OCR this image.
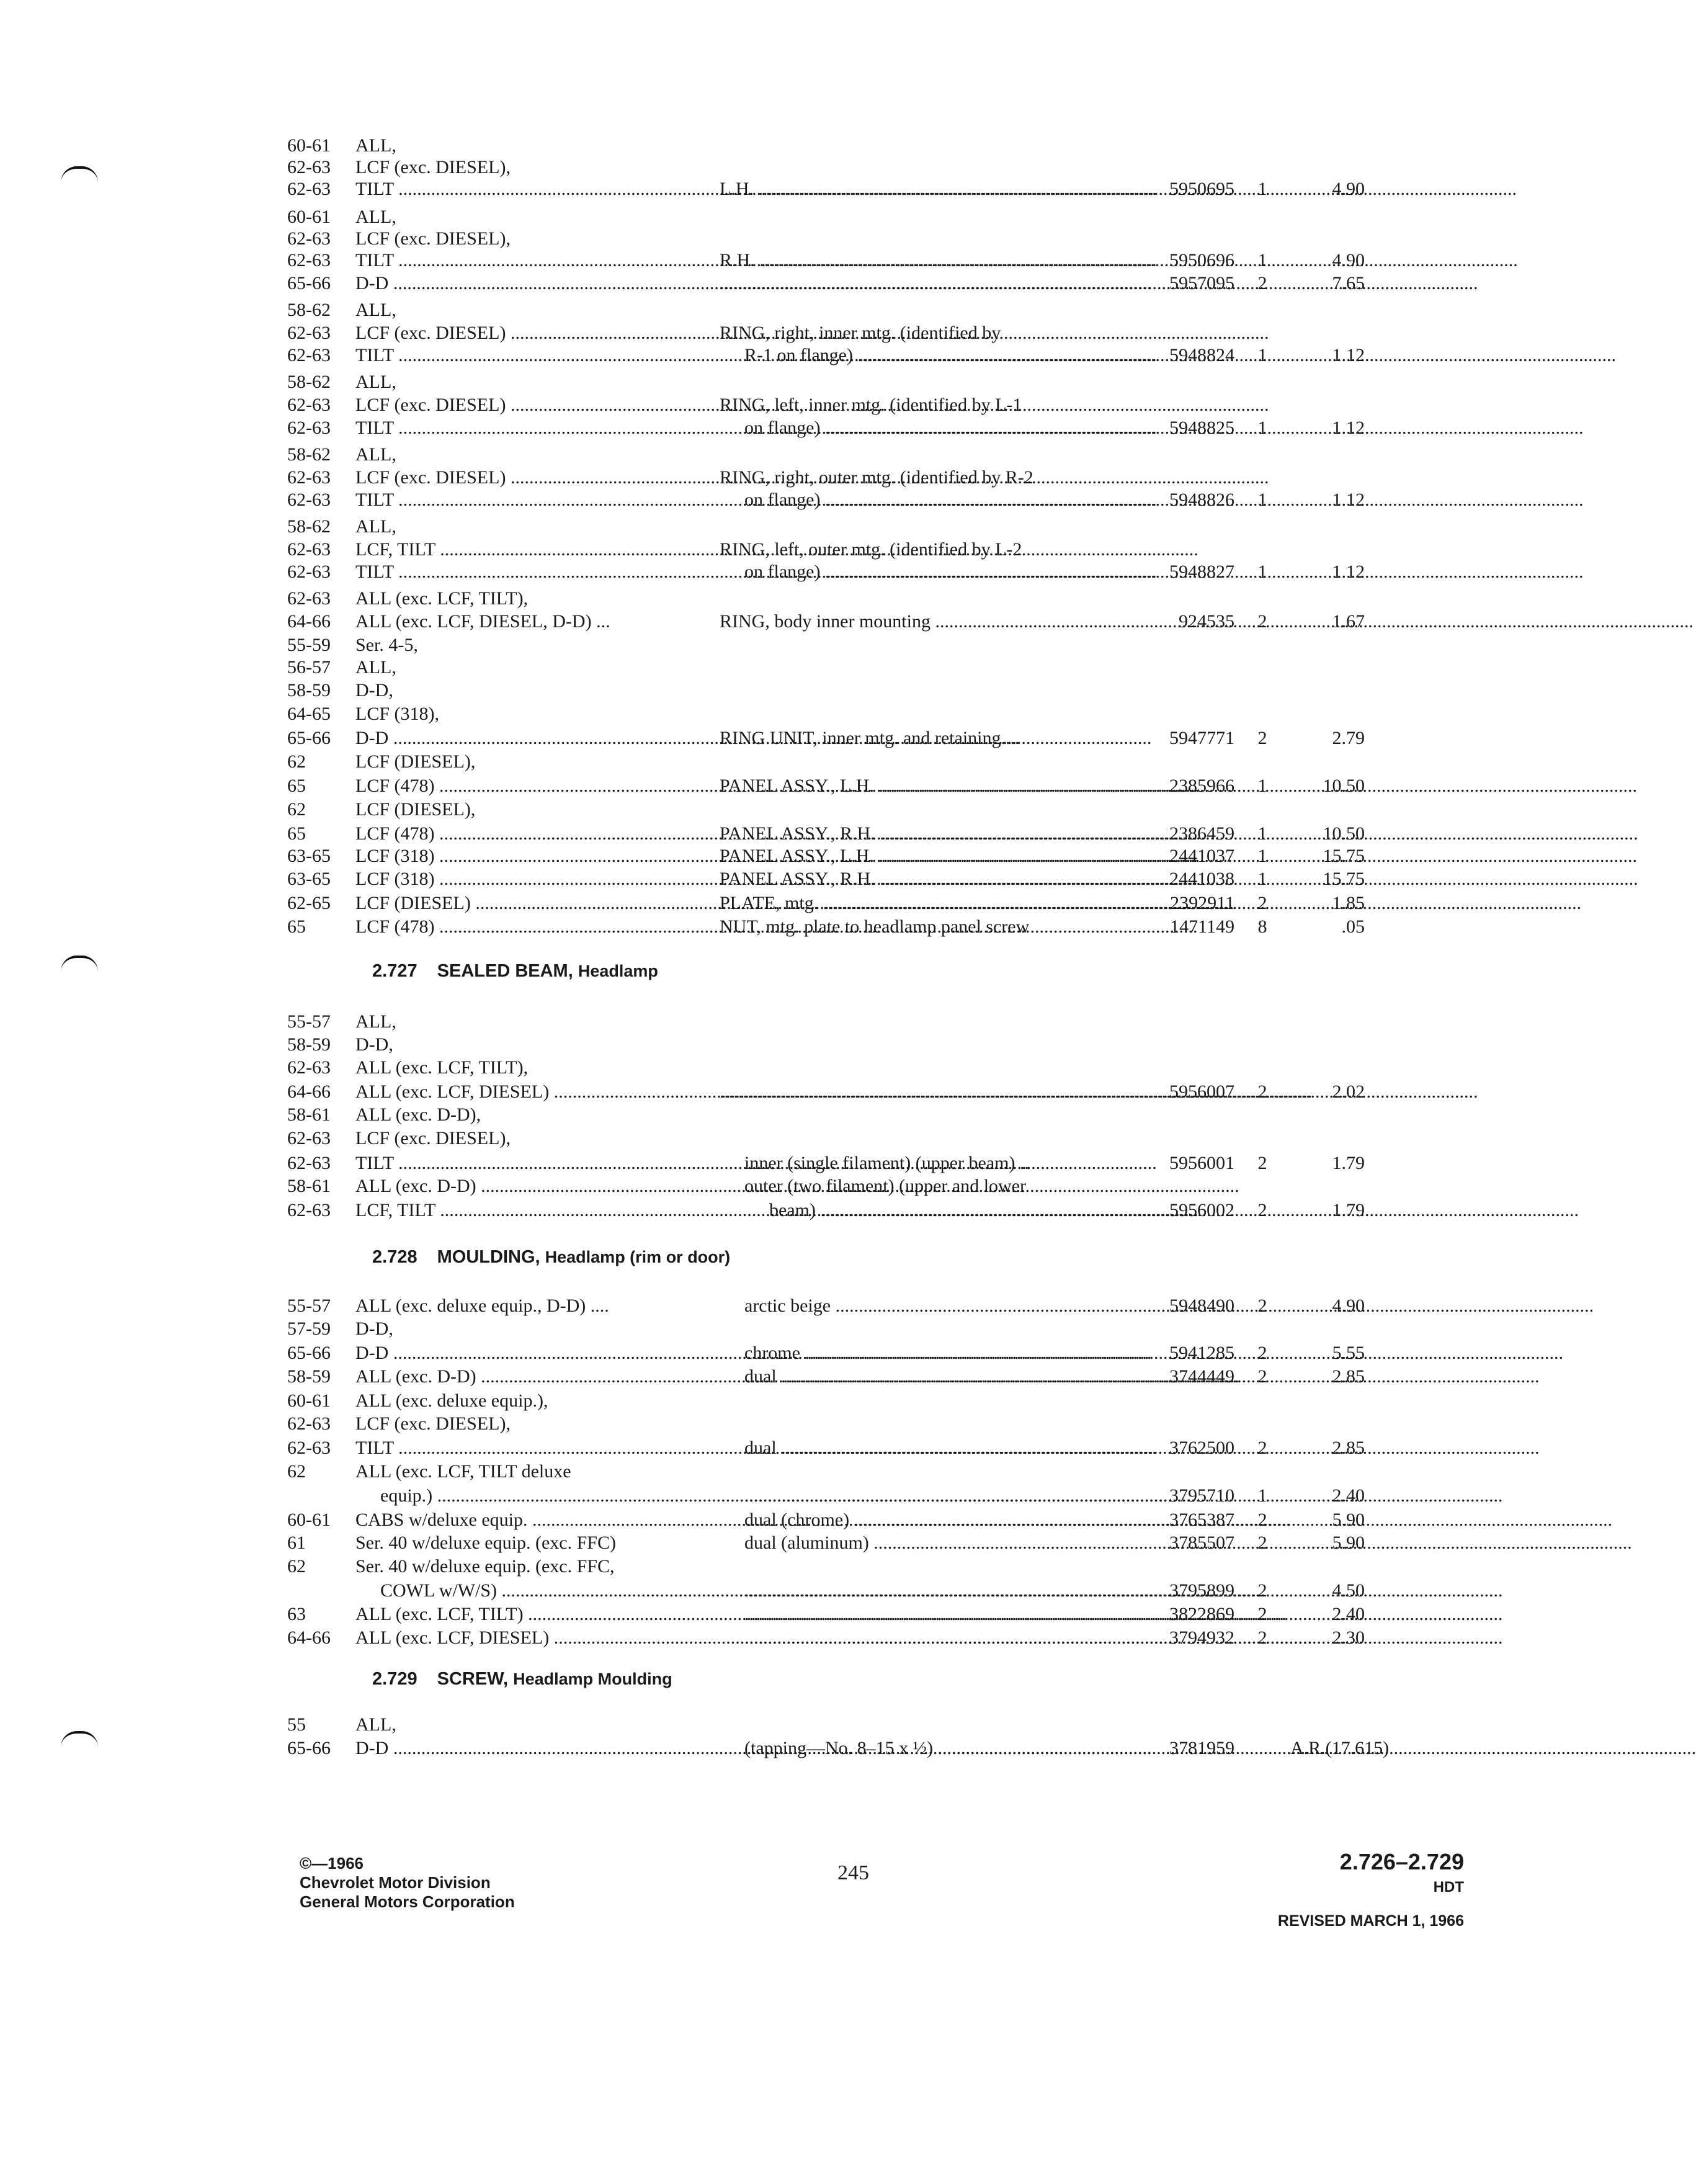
60-61	ALL,
62-63	LCF (exc. DIESEL),
62-63	TILT .....	L.H. .....	5950695	1	4.90
60-61	ALL,
62-63	LCF (exc. DIESEL),
62-63	TILT .....	R.H. .....	5950696	1	4.90
65-66	D-D ..... .....	5957095	2	7.65
58-62	ALL,
62-63	LCF (exc. DIESEL) .....	RING, right, inner mtg. (identified by
62-63	TILT .....	R-1 on flange) .....	5948824	1	1.12
58-62	ALL,
62-63	LCF (exc. DIESEL) .....	RING, left, inner mtg. (identified by L-1
62-63	TILT .....	on flange) .....	5948825	1	1.12
58-62	ALL,
62-63	LCF (exc. DIESEL) .....	RING, right, outer mtg. (identified by R-2
62-63	TILT .....	on flange) .....	5948826	1	1.12
58-62	ALL,
62-63	LCF, TILT .....	RING, left, outer mtg. (identified by L-2
62-63	TILT .....	on flange) .....	5948827	1	1.12
62-63	ALL (exc. LCF, TILT),
64-66	ALL (exc. LCF, DIESEL, D-D) ...	RING, body inner mounting .....	924535	2	1.67
55-59	Ser. 4-5,
56-57	ALL,
58-59	D-D,
64-65	LCF (318),
65-66	D-D .....	RING UNIT, inner mtg. and retaining....	5947771	2	2.79
62	LCF (DIESEL),
65	LCF (478) .....	PANEL ASSY., L.H. .....	2385966	1	10.50
62	LCF (DIESEL),
65	LCF (478) .....	PANEL ASSY., R.H. .....	2386459	1	10.50
63-65	LCF (318) .....	PANEL ASSY., L.H. .....	2441037	1	15.75
63-65	LCF (318) .....	PANEL ASSY., R.H. .....	2441038	1	15.75
62-65	LCF (DIESEL) .....	PLATE, mtg. .....	2392911	2	1.85
65	LCF (478) .....	NUT, mtg. plate to headlamp panel screw	1471149	8	.05
55-57	ALL,
58-59	D-D,
62-63	ALL (exc. LCF, TILT),
64-66	ALL (exc. LCF, DIESEL) ..... .....	5956007	2	2.02
58-61	ALL (exc. D-D),
62-63	LCF (exc. DIESEL),
62-63	TILT .....	inner (single filament) (upper beam) ..	5956001	2	1.79
58-61	ALL (exc. D-D) .....	outer (two filament) (upper and lower
62-63	LCF, TILT .....	beam) .....	5956002	2	1.79
55-57	ALL (exc. deluxe equip., D-D) ....	arctic beige .....	5948490	2	4.90
57-59	D-D,
65-66	D-D .....	chrome .....	5941285	2	5.55
58-59	ALL (exc. D-D) .....	dual .....	3744449	2	2.85
60-61	ALL (exc. deluxe equip.),
62-63	LCF (exc. DIESEL),
62-63	TILT .....	dual .....	3762500	2	2.85
62	ALL (exc. LCF, TILT deluxe
equip.) ..... .....	3795710	1	2.40
60-61	CABS w/deluxe equip. .....	dual (chrome) .....	3765387	2	5.90
61	Ser. 40 w/deluxe equip. (exc. FFC)	dual (aluminum) .....	3785507	2	5.90
62	Ser. 40 w/deluxe equip. (exc. FFC,
COWL w/W/S) ..... .....	3795899	2	4.50
63	ALL (exc. LCF, TILT) ..... .....	3822869	2	2.40
64-66	ALL (exc. LCF, DIESEL) ..... .....	3794932	2	2.30
55	ALL,
65-66	D-D .....	(tapping—No. 8–15 x ½) .....	3781959	A.R.(17.615)
2.727 SEALED BEAM, Headlamp
2.728 MOULDING, Headlamp (rim or door)
2.729 SCREW, Headlamp Moulding
©—1966
Chevrolet Motor Division
General Motors Corporation
245	2.726–2.729
HDT
REVISED MARCH 1, 1966
